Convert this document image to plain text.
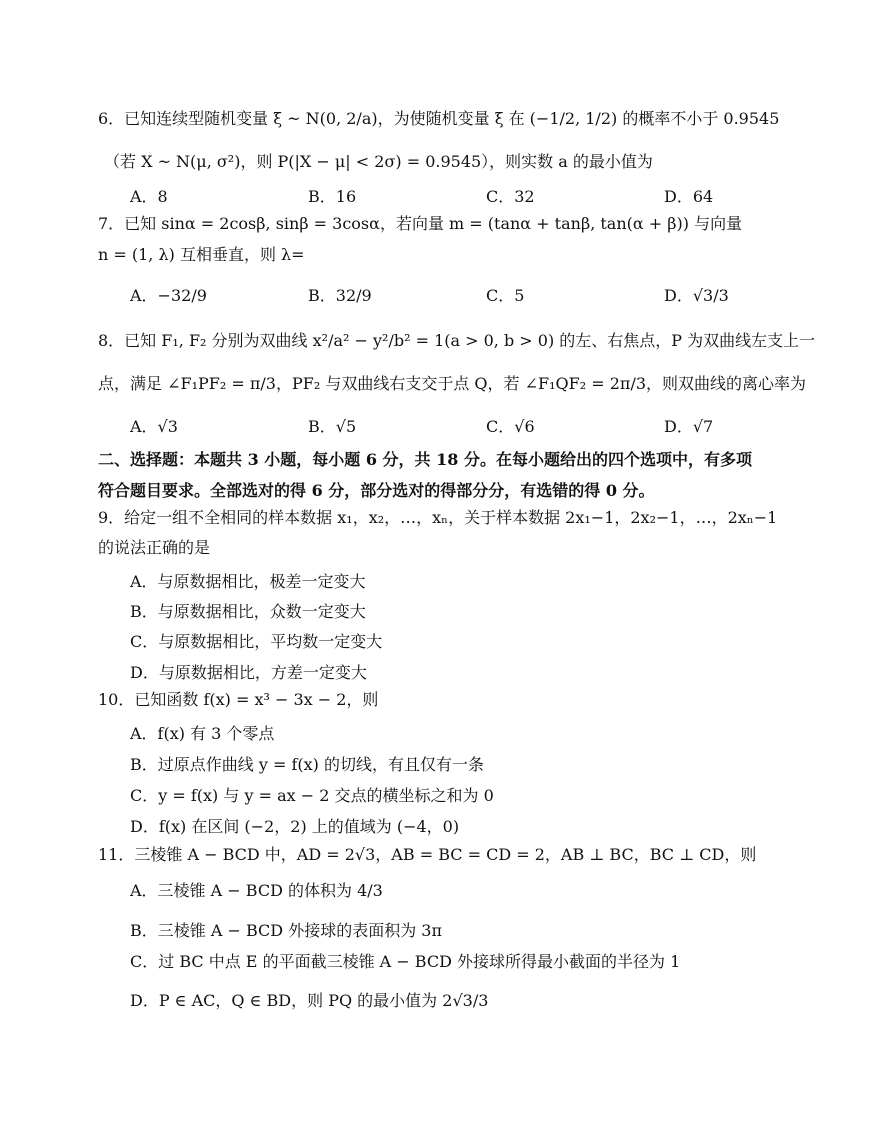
6．已知连续型随机变量 ξ ~ N(0, 2/a)，为使随机变量 ξ 在 (−1/2, 1/2) 的概率不小于 0.9545
（若 X ~ N(μ, σ²)，则 P(|X − μ| < 2σ) = 0.9545），则实数 a 的最小值为
A．8	B．16	C．32	D．64
7．已知 sinα = 2cosβ, sinβ = 3cosα，若向量 m = (tanα + tanβ, tan(α + β)) 与向量
n = (1, λ) 互相垂直，则 λ=
A．−32/9	B．32/9	C．5	D．√3/3
8．已知 F₁, F₂ 分别为双曲线 x²/a² − y²/b² = 1(a > 0, b > 0) 的左、右焦点，P 为双曲线左支上一
点，满足 ∠F₁PF₂ = π/3，PF₂ 与双曲线右支交于点 Q，若 ∠F₁QF₂ = 2π/3，则双曲线的离心率为
A．√3	B．√5	C．√6	D．√7
二、选择题：本题共 3 小题，每小题 6 分，共 18 分。在每小题给出的四个选项中，有多项
符合题目要求。全部选对的得 6 分，部分选对的得部分分，有选错的得 0 分。
9．给定一组不全相同的样本数据 x₁，x₂，…，xₙ，关于样本数据 2x₁−1，2x₂−1，…，2xₙ−1
的说法正确的是
A．与原数据相比，极差一定变大
B．与原数据相比，众数一定变大
C．与原数据相比，平均数一定变大
D．与原数据相比，方差一定变大
10．已知函数 f(x) = x³ − 3x − 2，则
A．f(x) 有 3 个零点
B．过原点作曲线 y = f(x) 的切线，有且仅有一条
C．y = f(x) 与 y = ax − 2 交点的横坐标之和为 0
D．f(x) 在区间 (−2，2) 上的值域为 (−4，0)
11．三棱锥 A − BCD 中，AD = 2√3，AB = BC = CD = 2，AB ⊥ BC，BC ⊥ CD，则
A．三棱锥 A − BCD 的体积为 4/3
B．三棱锥 A − BCD 外接球的表面积为 3π
C．过 BC 中点 E 的平面截三棱锥 A − BCD 外接球所得最小截面的半径为 1
D．P ∈ AC，Q ∈ BD，则 PQ 的最小值为 2√3/3
